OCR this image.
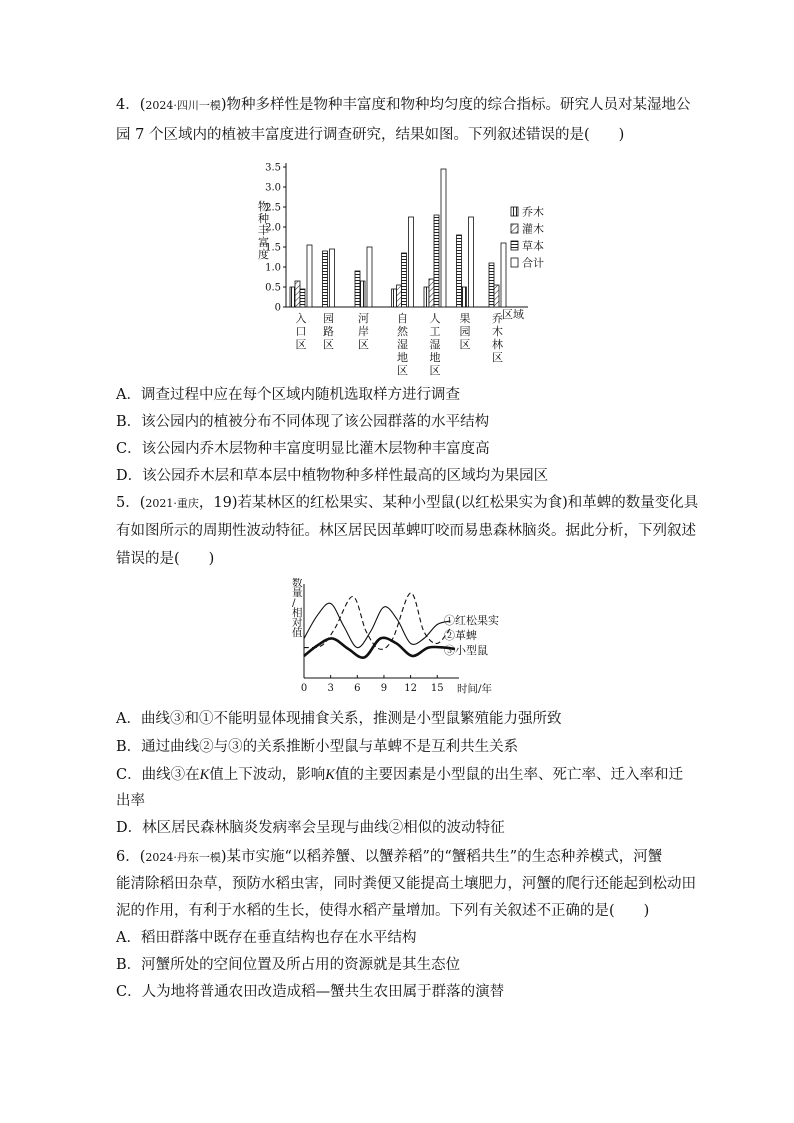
4．(2024·四川一模)物种多样性是物种丰富度和物种均匀度的综合指标。研究人员对某湿地公
园 7 个区域内的植被丰富度进行调查研究，结果如图。下列叙述错误的是(　　)
物种丰富度
0
0.5
1.0
1.5
2.0
2.5
3.0
3.5
入
口
区
园
路
区
河
岸
区
自
然
湿
地
区
人
工
湿
地
区
果
园
区
乔
木
林
区
区域
乔木
灌木
草本
合计
A．调查过程中应在每个区域内随机选取样方进行调查
B．该公园内的植被分布不同体现了该公园群落的水平结构
C．该公园内乔木层物种丰富度明显比灌木层物种丰富度高
D．该公园乔木层和草本层中植物物种多样性最高的区域均为果园区
5．(2021·重庆，19)若某林区的红松果实、某种小型鼠(以红松果实为食)和革蜱的数量变化具
有如图所示的周期性波动特征。林区居民因革蜱叮咬而易患森林脑炎。据此分析，下列叙述
错误的是(　　)
数量/相对值
0 3 6 9 12 15 时间/年
①红松果实
②革蜱
③小型鼠
A．曲线③和①不能明显体现捕食关系，推测是小型鼠繁殖能力强所致
B．通过曲线②与③的关系推断小型鼠与革蜱不是互利共生关系
C．曲线③在K值上下波动，影响K值的主要因素是小型鼠的出生率、死亡率、迁入率和迁
出率
D．林区居民森林脑炎发病率会呈现与曲线②相似的波动特征
6．(2024·丹东一模)某市实施“以稻养蟹、以蟹养稻”的“蟹稻共生”的生态种养模式，河蟹
能清除稻田杂草，预防水稻虫害，同时粪便又能提高土壤肥力，河蟹的爬行还能起到松动田
泥的作用，有利于水稻的生长，使得水稻产量增加。下列有关叙述不正确的是(　　)
A．稻田群落中既存在垂直结构也存在水平结构
B．河蟹所处的空间位置及所占用的资源就是其生态位
C．人为地将普通农田改造成稻—蟹共生农田属于群落的演替
